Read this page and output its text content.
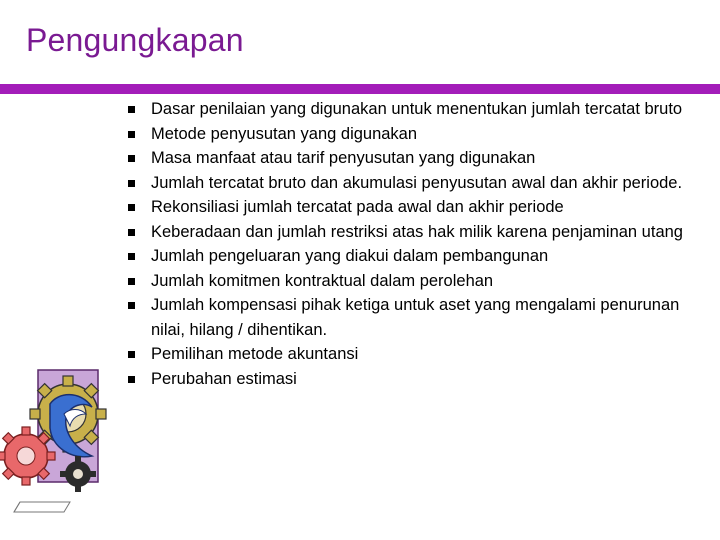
Pengungkapan
Dasar penilaian yang digunakan untuk menentukan jumlah tercatat bruto
Metode penyusutan yang digunakan
Masa manfaat atau tarif penyusutan yang digunakan
Jumlah tercatat bruto dan akumulasi penyusutan awal dan akhir periode.
Rekonsiliasi jumlah tercatat pada awal dan akhir periode
Keberadaan dan jumlah restriksi atas hak milik karena penjaminan utang
Jumlah pengeluaran yang diakui dalam pembangunan
Jumlah komitmen kontraktual dalam perolehan
Jumlah kompensasi pihak ketiga untuk aset yang mengalami penurunan nilai, hilang / dihentikan.
Pemilihan metode akuntansi
Perubahan estimasi
